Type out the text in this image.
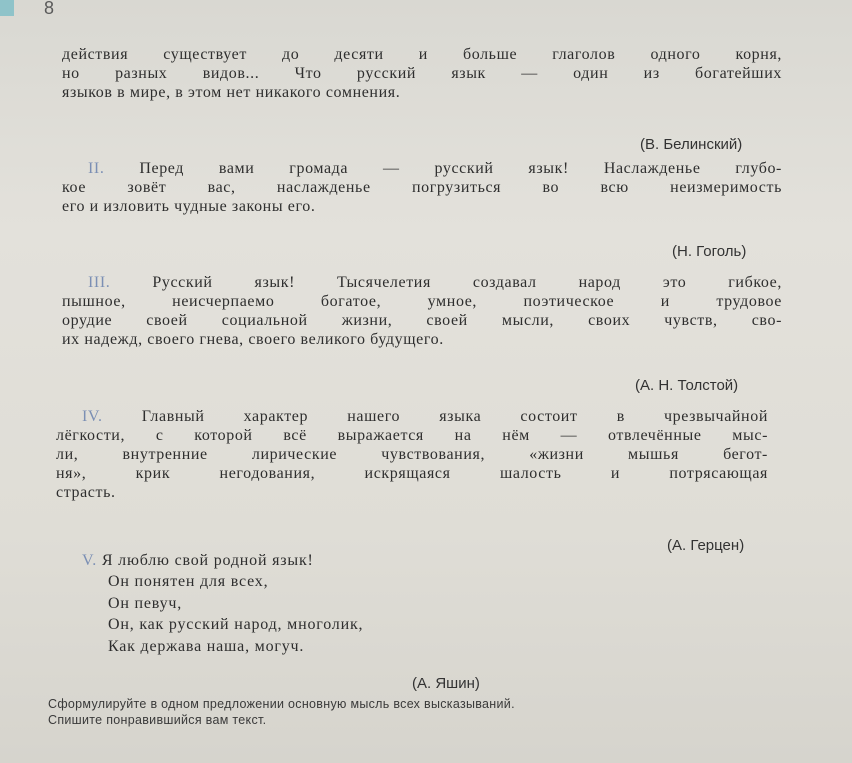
8
действия существует до десяти и больше глаголов одного корня,
но разных видов... Что русский язык — один из богатейших
языков в мире, в этом нет никакого сомнения.
(В. Белинский)
II. Перед вами громада — русский язык! Наслажденье глубо-
кое зовёт вас, наслажденье погрузиться во всю неизмеримость
его и изловить чудные законы его.
(Н. Гоголь)
III.	Русский язык! Тысячелетия создавал народ это гибкое,
пышное, неисчерпаемо богатое, умное, поэтическое и трудовое
орудие своей социальной жизни, своей мысли, своих чувств, сво-
их надежд, своего гнева, своего великого будущего.
(А. Н. Толстой)
IV. Главный характер нашего языка состоит в чрезвычайной
лёгкости, с которой всё выражается на нём — отвлечённые мыс-
ли, внутренние лирические чувствования, «жизни мышья бегот-
ня», крик негодования, искрящаяся шалость и потрясающая
страсть.
(А. Герцен)
V. Я люблю свой родной язык!
Он понятен для всех,
Он певуч,
Он, как русский народ, многолик,
Как держава наша, могуч.
(А. Яшин)
Сформулируйте в одном предложении основную мысль всех высказываний.
Спишите понравившийся вам текст.
